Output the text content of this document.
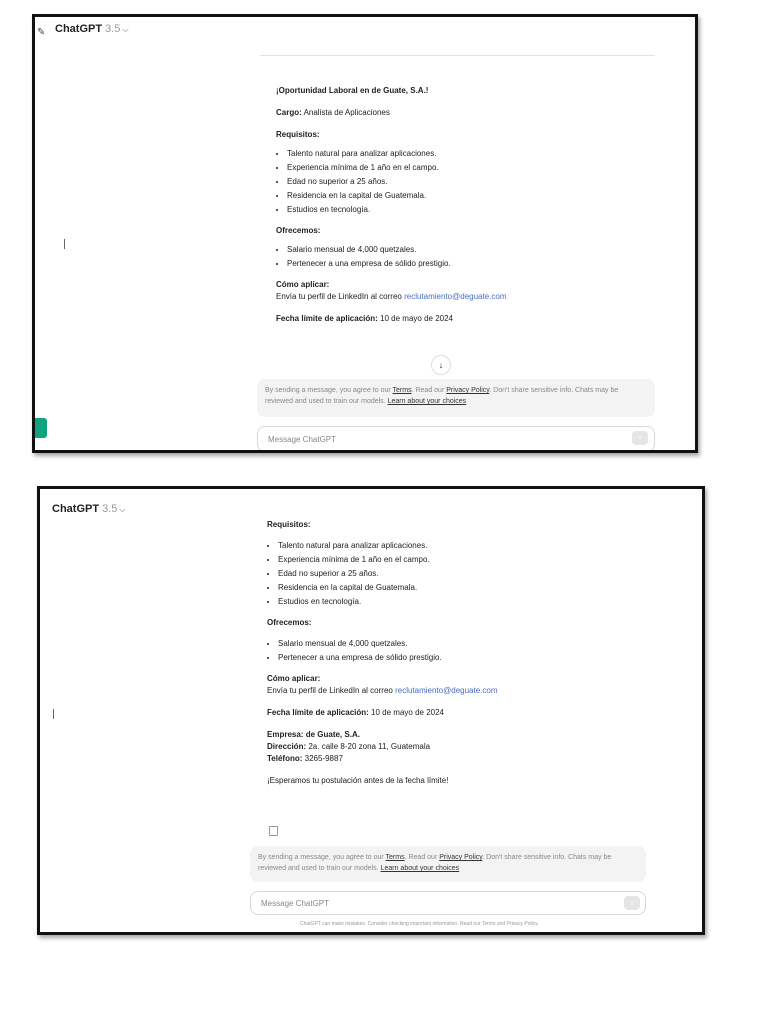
✎ ChatGPT 3.5 ⌵

¡Oportunidad Laboral en de Guate, S.A.!

Cargo: Analista de Aplicaciones

Requisitos:

• Talento natural para analizar aplicaciones.
• Experiencia mínima de 1 año en el campo.
• Edad no superior a 25 años.
• Residencia en la capital de Guatemala.
• Estudios en tecnología.

Ofrecemos:

• Salario mensual de 4,000 quetzales.
• Pertenecer a una empresa de sólido prestigio.

Cómo aplicar:

Envía tu perfil de LinkedIn al correo reclutamiento@deguate.com

Fecha límite de aplicación: 10 de mayo de 2024

↓
By sending a message, you agree to our Terms. Read our Privacy Policy. Don't share sensitive info. Chats may be reviewed and used to train our models. Learn about your choices
Message ChatGPT	↑
ChatGPT 3.5 ⌵

Requisitos:

• Talento natural para analizar aplicaciones.
• Experiencia mínima de 1 año en el campo.
• Edad no superior a 25 años.
• Residencia en la capital de Guatemala.
• Estudios en tecnología.

Ofrecemos:

• Salario mensual de 4,000 quetzales.
• Pertenecer a una empresa de sólido prestigio.

Cómo aplicar:

Envía tu perfil de LinkedIn al correo reclutamiento@deguate.com

Fecha límite de aplicación: 10 de mayo de 2024

Empresa: de Guate, S.A.

Dirección: 2a. calle 8-20 zona 11, Guatemala

Teléfono: 3265-9887

¡Esperamos tu postulación antes de la fecha límite!

By sending a message, you agree to our Terms. Read our Privacy Policy. Don't share sensitive info. Chats may be reviewed and used to train our models. Learn about your choices
Message ChatGPT	↑
ChatGPT can make mistakes. Consider checking important information. Read our Terms and Privacy Policy.
